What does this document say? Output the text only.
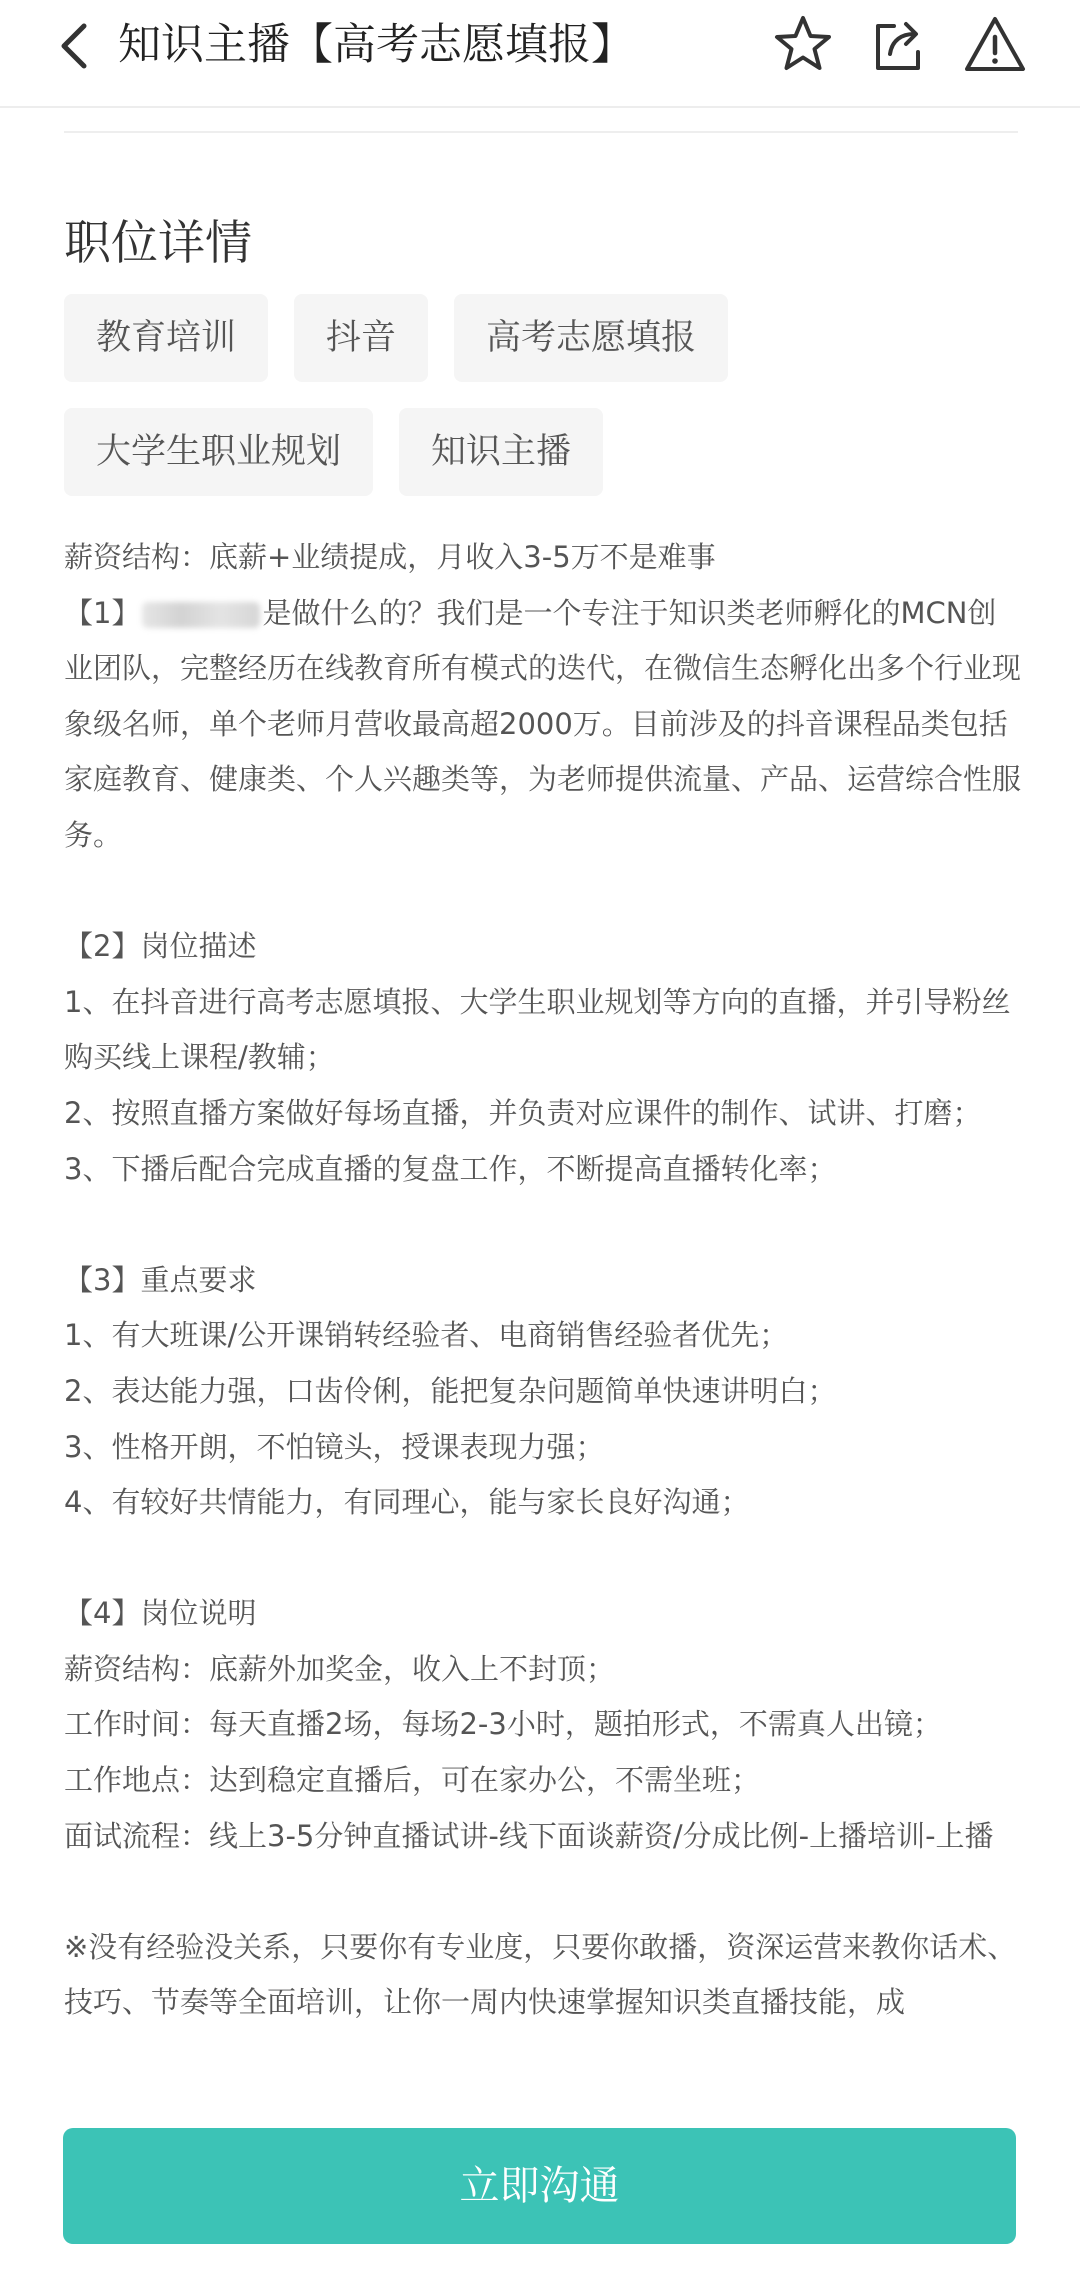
知识主播【高考志愿填报】
职位详情
教育培训	抖音	高考志愿填报
大学生职业规划	知识主播

薪资结构：底薪+业绩提成，月收入3-5万不是难事

【1】	是做什么的？我们是一个专注于知识类老师孵化的MCN创业团队，完整经历在线教育所有模式的迭代，在微信生态孵化出多个行业现象级名师，单个老师月营收最高超2000万。目前涉及的抖音课程品类包括家庭教育、健康类、个人兴趣类等，为老师提供流量、产品、运营综合性服务。

【2】岗位描述

1、在抖音进行高考志愿填报、大学生职业规划等方向的直播，并引导粉丝购买线上课程/教辅；

2、按照直播方案做好每场直播，并负责对应课件的制作、试讲、打磨；

3、下播后配合完成直播的复盘工作，不断提高直播转化率；

【3】重点要求

1、有大班课/公开课销转经验者、电商销售经验者优先；

2、表达能力强，口齿伶俐，能把复杂问题简单快速讲明白；

3、性格开朗，不怕镜头，授课表现力强；

4、有较好共情能力，有同理心，能与家长良好沟通；

【4】岗位说明

薪资结构：底薪外加奖金，收入上不封顶；

工作时间：每天直播2场，每场2-3小时，题拍形式，不需真人出镜；

工作地点：达到稳定直播后，可在家办公，不需坐班；

面试流程：线上3-5分钟直播试讲-线下面谈薪资/分成比例-上播培训-上播

※没有经验没关系，只要你有专业度，只要你敢播，资深运营来教你话术、技巧、节奏等全面培训，让你一周内快速掌握知识类直播技能，成

立即沟通
